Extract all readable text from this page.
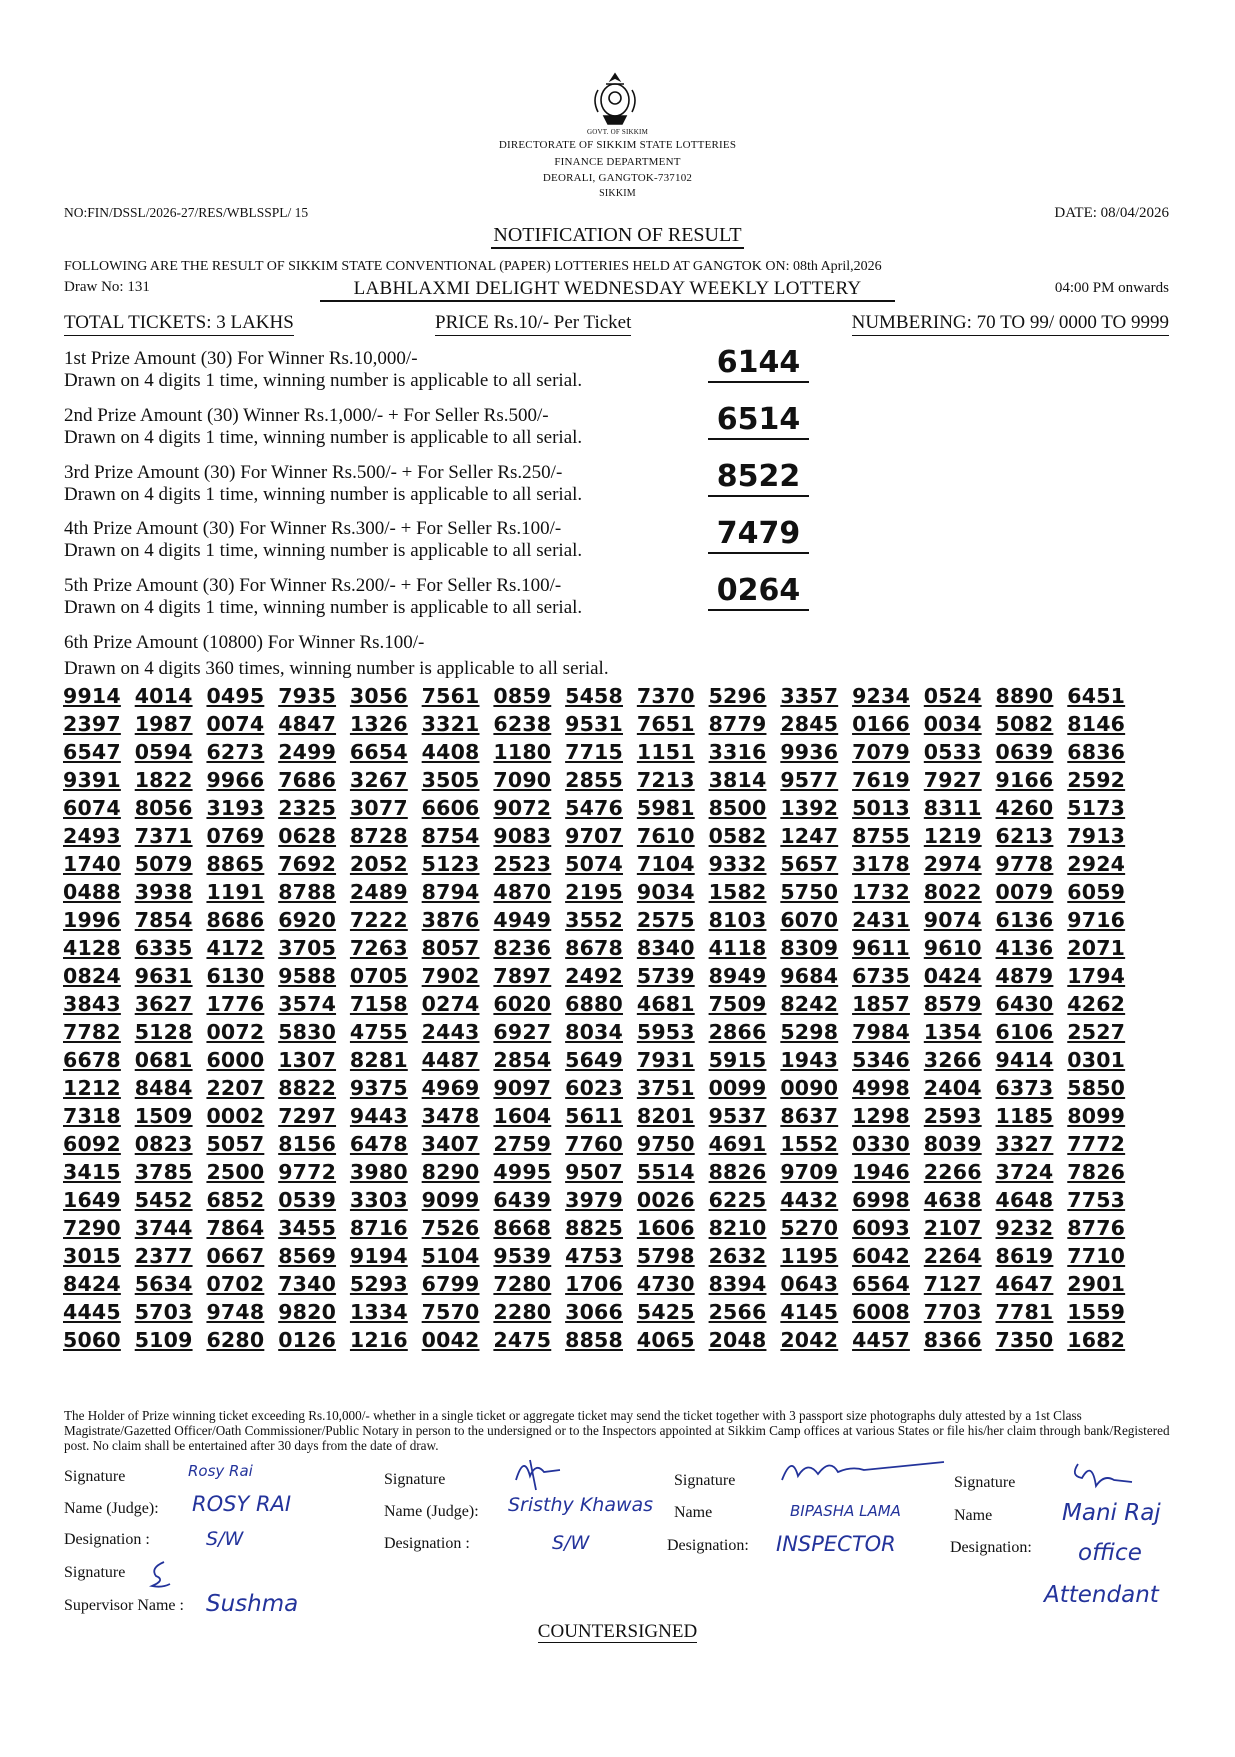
GOVT. OF SIKKIM
DIRECTORATE OF SIKKIM STATE LOTTERIES
FINANCE DEPARTMENT
DEORALI, GANGTOK-737102
SIKKIM
NO:FIN/DSSL/2026-27/RES/WBLSSPL/ 15	DATE: 08/04/2026
NOTIFICATION OF RESULT
FOLLOWING ARE THE RESULT OF SIKKIM STATE CONVENTIONAL (PAPER) LOTTERIES HELD AT GANGTOK ON: 08th April,2026
Draw No: 131	LABHLAXMI DELIGHT WEDNESDAY WEEKLY LOTTERY	04:00 PM onwards
TOTAL TICKETS: 3 LAKHS	PRICE Rs.10/- Per Ticket	NUMBERING: 70 TO 99/ 0000 TO 9999
1st Prize Amount (30) For Winner Rs.10,000/-
Drawn on 4 digits 1 time, winning number is applicable to all serial.
6144
2nd Prize Amount (30) Winner Rs.1,000/- + For Seller Rs.500/-
Drawn on 4 digits 1 time, winning number is applicable to all serial.
6514
3rd Prize Amount (30) For Winner Rs.500/- + For Seller Rs.250/-
Drawn on 4 digits 1 time, winning number is applicable to all serial.
8522
4th Prize Amount (30) For Winner Rs.300/- + For Seller Rs.100/-
Drawn on 4 digits 1 time, winning number is applicable to all serial.	7479
5th Prize Amount (30) For Winner Rs.200/- + For Seller Rs.100/-
Drawn on 4 digits 1 time, winning number is applicable to all serial.	0264
6th Prize Amount (10800) For Winner Rs.100/-
Drawn on 4 digits 360 times, winning number is applicable to all serial.
9914 4014 0495 7935 3056 7561 0859 5458 7370 5296 3357 9234 0524 8890 6451
2397 1987 0074 4847 1326 3321 6238 9531 7651 8779 2845 0166 0034 5082 8146
6547 0594 6273 2499 6654 4408 1180 7715 1151 3316 9936 7079 0533 0639 6836
9391 1822 9966 7686 3267 3505 7090 2855 7213 3814 9577 7619 7927 9166 2592
6074 8056 3193 2325 3077 6606 9072 5476 5981 8500 1392 5013 8311 4260 5173
2493 7371 0769 0628 8728 8754 9083 9707 7610 0582 1247 8755 1219 6213 7913
1740 5079 8865 7692 2052 5123 2523 5074 7104 9332 5657 3178 2974 9778 2924
0488 3938 1191 8788 2489 8794 4870 2195 9034 1582 5750 1732 8022 0079 6059
1996 7854 8686 6920 7222 3876 4949 3552 2575 8103 6070 2431 9074 6136 9716
4128 6335 4172 3705 7263 8057 8236 8678 8340 4118 8309 9611 9610 4136 2071
0824 9631 6130 9588 0705 7902 7897 2492 5739 8949 9684 6735 0424 4879 1794
3843 3627 1776 3574 7158 0274 6020 6880 4681 7509 8242 1857 8579 6430 4262
7782 5128 0072 5830 4755 2443 6927 8034 5953 2866 5298 7984 1354 6106 2527
6678 0681 6000 1307 8281 4487 2854 5649 7931 5915 1943 5346 3266 9414 0301
1212 8484 2207 8822 9375 4969 9097 6023 3751 0099 0090 4998 2404 6373 5850
7318 1509 0002 7297 9443 3478 1604 5611 8201 9537 8637 1298 2593 1185 8099
6092 0823 5057 8156 6478 3407 2759 7760 9750 4691 1552 0330 8039 3327 7772
3415 3785 2500 9772 3980 8290 4995 9507 5514 8826 9709 1946 2266 3724 7826
1649 5452 6852 0539 3303 9099 6439 3979 0026 6225 4432 6998 4638 4648 7753
7290 3744 7864 3455 8716 7526 8668 8825 1606 8210 5270 6093 2107 9232 8776
3015 2377 0667 8569 9194 5104 9539 4753 5798 2632 1195 6042 2264 8619 7710
8424 5634 0702 7340 5293 6799 7280 1706 4730 8394 0643 6564 7127 4647 2901
4445 5703 9748 9820 1334 7570 2280 3066 5425 2566 4145 6008 7703 7781 1559
5060 5109 6280 0126 1216 0042 2475 8858 4065 2048 2042 4457 8366 7350 1682
The Holder of Prize winning ticket exceeding Rs.10,000/- whether in a single ticket or aggregate ticket may send the ticket together with 3 passport size photographs duly attested by a 1st Class Magistrate/Gazetted Officer/Oath Commissioner/Public Notary in person to the undersigned or to the Inspectors appointed at Sikkim Camp offices at various States or file his/her claim through bank/Registered post. No claim shall be entertained after 30 days from the date of draw.
Signature	Rosy Rai
Name (Judge): ROSY RAI
Designation :	S/W
Signature
Supervisor Name : Sushma
Signature
Name (Judge): Sristhy Khawas
Designation :	S/W
Signature
Name	BIPASHA LAMA
Designation: INSPECTOR
Signature
Name
Designation:
Mani Raj
office
Attendant
COUNTERSIGNED
